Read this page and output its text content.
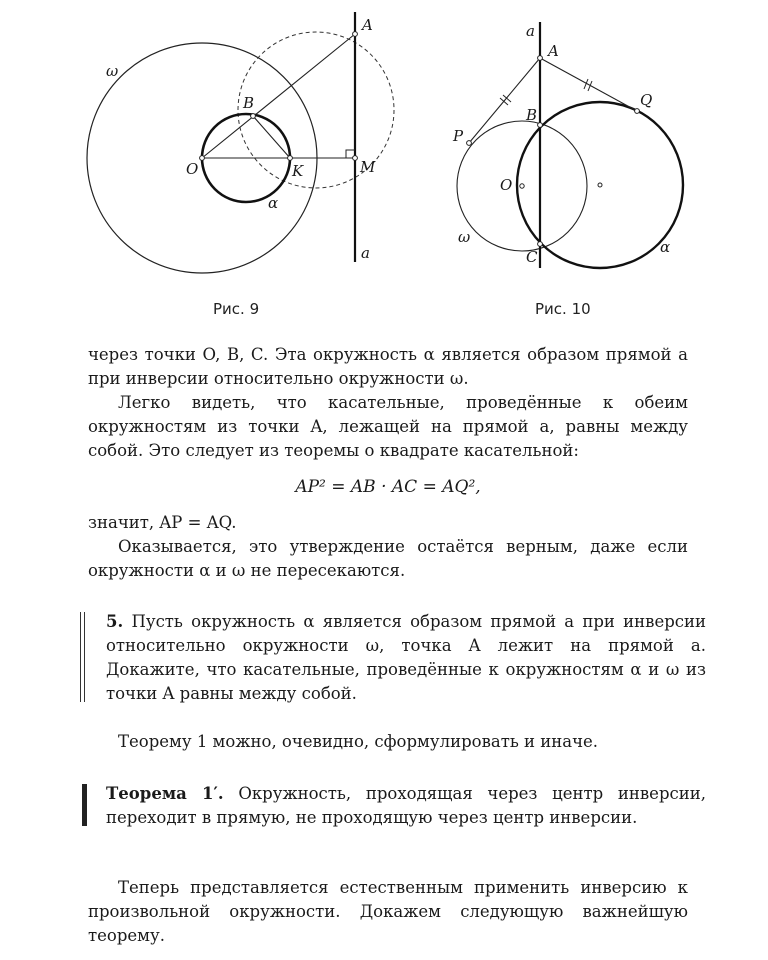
ω
A
B
O	K	M
α
a
Рис. 9
a
A
B
P
Q
O
C
ω
α
Рис. 10

через точки O, B, C. Эта окружность α является образом прямой a при инверсии относительно окружности ω.

Легко видеть, что касательные, проведённые к обеим окружностям из точки A, лежащей на прямой a, равны между собой. Это следует из теоремы о квадрате касательной:

AP² = AB · AC = AQ²,

значит, AP = AQ.

Оказывается, это утверждение остаётся верным, даже если окружности α и ω не пересекаются.

5. Пусть окружность α является образом прямой a при инверсии относительно окружности ω, точка A лежит на прямой a. Докажите, что касательные, проведённые к окружностям α и ω из точки A равны между собой.

Теорему 1 можно, очевидно, сформулировать и иначе.

Теорема 1′. Окружность, проходящая через центр инверсии, переходит в прямую, не проходящую через центр инверсии.

Теперь представляется естественным применить инверсию к произвольной окружности. Докажем следующую важнейшую теорему.
